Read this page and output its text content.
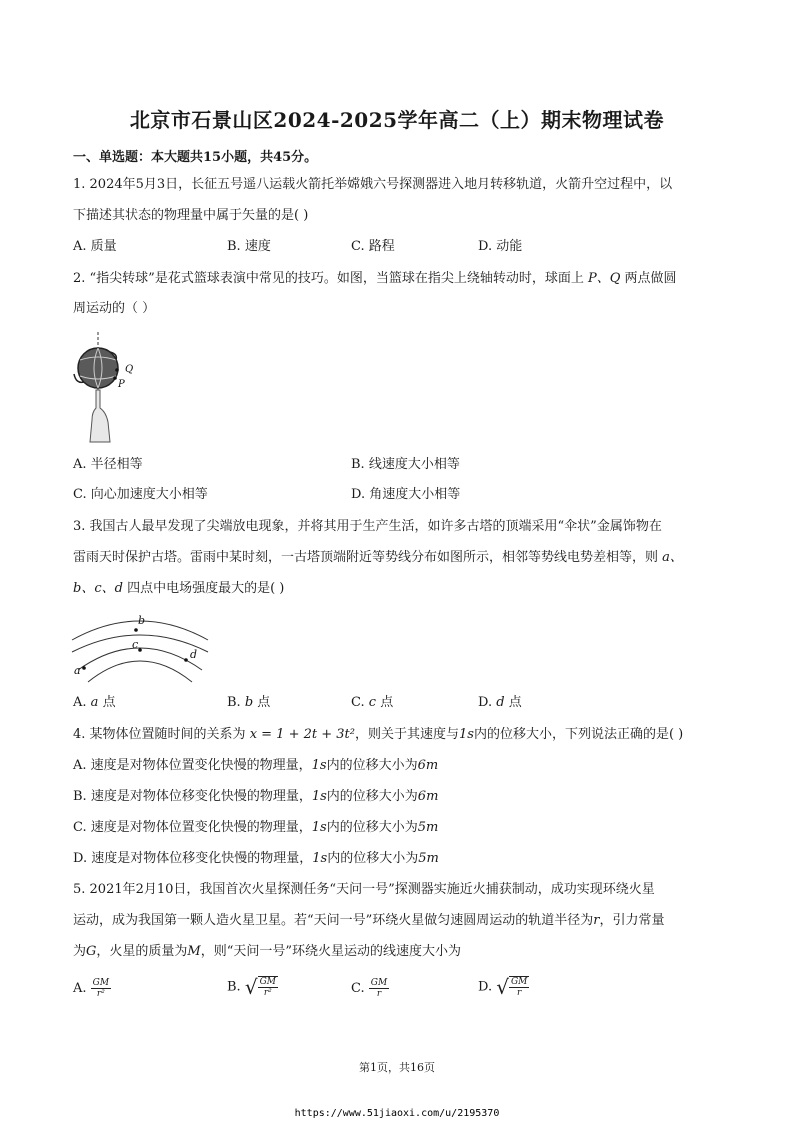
北京市石景山区2024-2025学年高二（上）期末物理试卷
一、单选题：本大题共15小题，共45分。
1. 2024年5月3日，长征五号遥八运载火箭托举嫦娥六号探测器进入地月转移轨道，火箭升空过程中，以
下描述其状态的物理量中属于矢量的是( )
A. 质量	B. 速度	C. 路程	D. 动能
2. “指尖转球”是花式篮球表演中常见的技巧。如图，当篮球在指尖上绕轴转动时，球面上 P、Q 两点做圆
周运动的（ ）
Q
P
A. 半径相等	B. 线速度大小相等
C. 向心加速度大小相等	D. 角速度大小相等
3. 我国古人最早发现了尖端放电现象，并将其用于生产生活，如许多古塔的顶端采用“伞状”金属饰物在
雷雨天时保护古塔。雷雨中某时刻，一古塔顶端附近等势线分布如图所示，相邻等势线电势差相等，则 a、
b、c、d 四点中电场强度最大的是( )
b
c
d
a
A. a 点	B. b 点	C. c 点	D. d 点
4. 某物体位置随时间的关系为 x = 1 + 2t + 3t²，则关于其速度与1s内的位移大小，下列说法正确的是( )
A. 速度是对物体位置变化快慢的物理量，1s内的位移大小为6m
B. 速度是对物体位移变化快慢的物理量，1s内的位移大小为6m
C. 速度是对物体位置变化快慢的物理量，1s内的位移大小为5m
D. 速度是对物体位移变化快慢的物理量，1s内的位移大小为5m
5. 2021年2月10日，我国首次火星探测任务“天问一号”探测器实施近火捕获制动，成功实现环绕火星
运动，成为我国第一颗人造火星卫星。若“天问一号”环绕火星做匀速圆周运动的轨道半径为r，引力常量
为G，火星的质量为M，则“天问一号”环绕火星运动的线速度大小为
A. $\frac{GM}{\text{r²}}$	B. √ $\frac{GM}{\text{r²}}$	C. $\frac{GM}{r}$	D. √ $\frac{GM}{r}$
第1页，共16页
https://www.51jiaoxi.com/u/2195370
